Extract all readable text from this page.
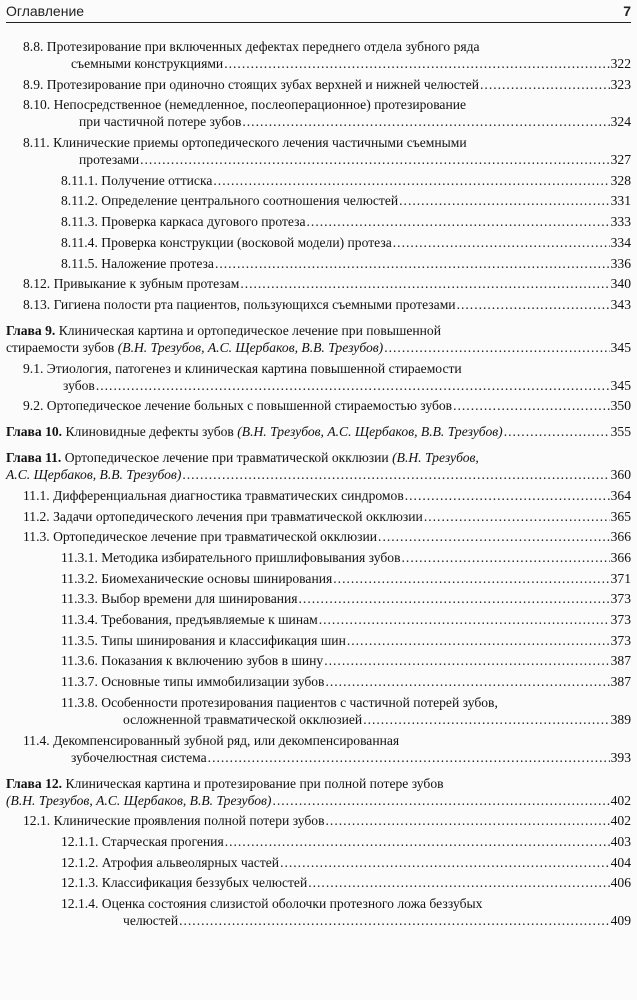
Оглавление	7
8.8. Протезирование при включенных дефектах переднего отдела зубного ряда
съемными конструкциями .....	322
8.9. Протезирование при одиночно стоящих зубах верхней и нижней челюстей .....	323
8.10. Непосредственное (немедленное, послеоперационное) протезирование
при частичной потере зубов .....	324
8.11. Клинические приемы ортопедического лечения частичными съемными
протезами .....	327
8.11.1. Получение оттиска .....	328
8.11.2. Определение центрального соотношения челюстей .....	331
8.11.3. Проверка каркаса дугового протеза .....	333
8.11.4. Проверка конструкции (восковой модели) протеза .....	334
8.11.5. Наложение протеза .....	336
8.12. Привыкание к зубным протезам .....	340
8.13. Гигиена полости рта пациентов, пользующихся съемными протезами .....	343
Глава 9.
Клиническая картина и ортопедическое лечение при повышенной
стираемости зубов
(В.Н. Трезубов, А.С. Щербаков, В.В. Трезубов) .....	345
9.1. Этиология, патогенез и клиническая картина повышенной стираемости
зубов .....	345
9.2. Ортопедическое лечение больных с повышенной стираемостью зубов .....	350
Глава 10.
Клиновидные дефекты зубов
(В.Н. Трезубов, А.С. Щербаков, В.В. Трезубов) .....	355
Глава 11.
Ортопедическое лечение при травматической окклюзии
(В.Н. Трезубов,
А.С. Щербаков, В.В. Трезубов) .....	360
11.1. Дифференциальная диагностика травматических синдромов .....	364
11.2. Задачи ортопедического лечения при травматической окклюзии .....	365
11.3. Ортопедическое лечение при травматической окклюзии .....	366
11.3.1. Методика избирательного пришлифовывания зубов .....	366
11.3.2. Биомеханические основы шинирования .....	371
11.3.3. Выбор времени для шинирования .....	373
11.3.4. Требования, предъявляемые к шинам .....	373
11.3.5. Типы шинирования и классификация шин .....	373
11.3.6. Показания к включению зубов в шину .....	387
11.3.7. Основные типы иммобилизации зубов .....	387
11.3.8. Особенности протезирования пациентов с частичной потерей зубов,
осложненной травматической окклюзией .....	389
11.4. Декомпенсированный зубной ряд, или декомпенсированная
зубочелюстная система .....	393
Глава 12.
Клиническая картина и протезирование при полной потере зубов
(В.Н. Трезубов, А.С. Щербаков, В.В. Трезубов) .....	402
12.1. Клинические проявления полной потери зубов .....	402
12.1.1. Старческая прогения .....	403
12.1.2. Атрофия альвеолярных частей .....	404
12.1.3. Классификация беззубых челюстей .....	406
12.1.4. Оценка состояния слизистой оболочки протезного ложа беззубых
челюстей .....	409
